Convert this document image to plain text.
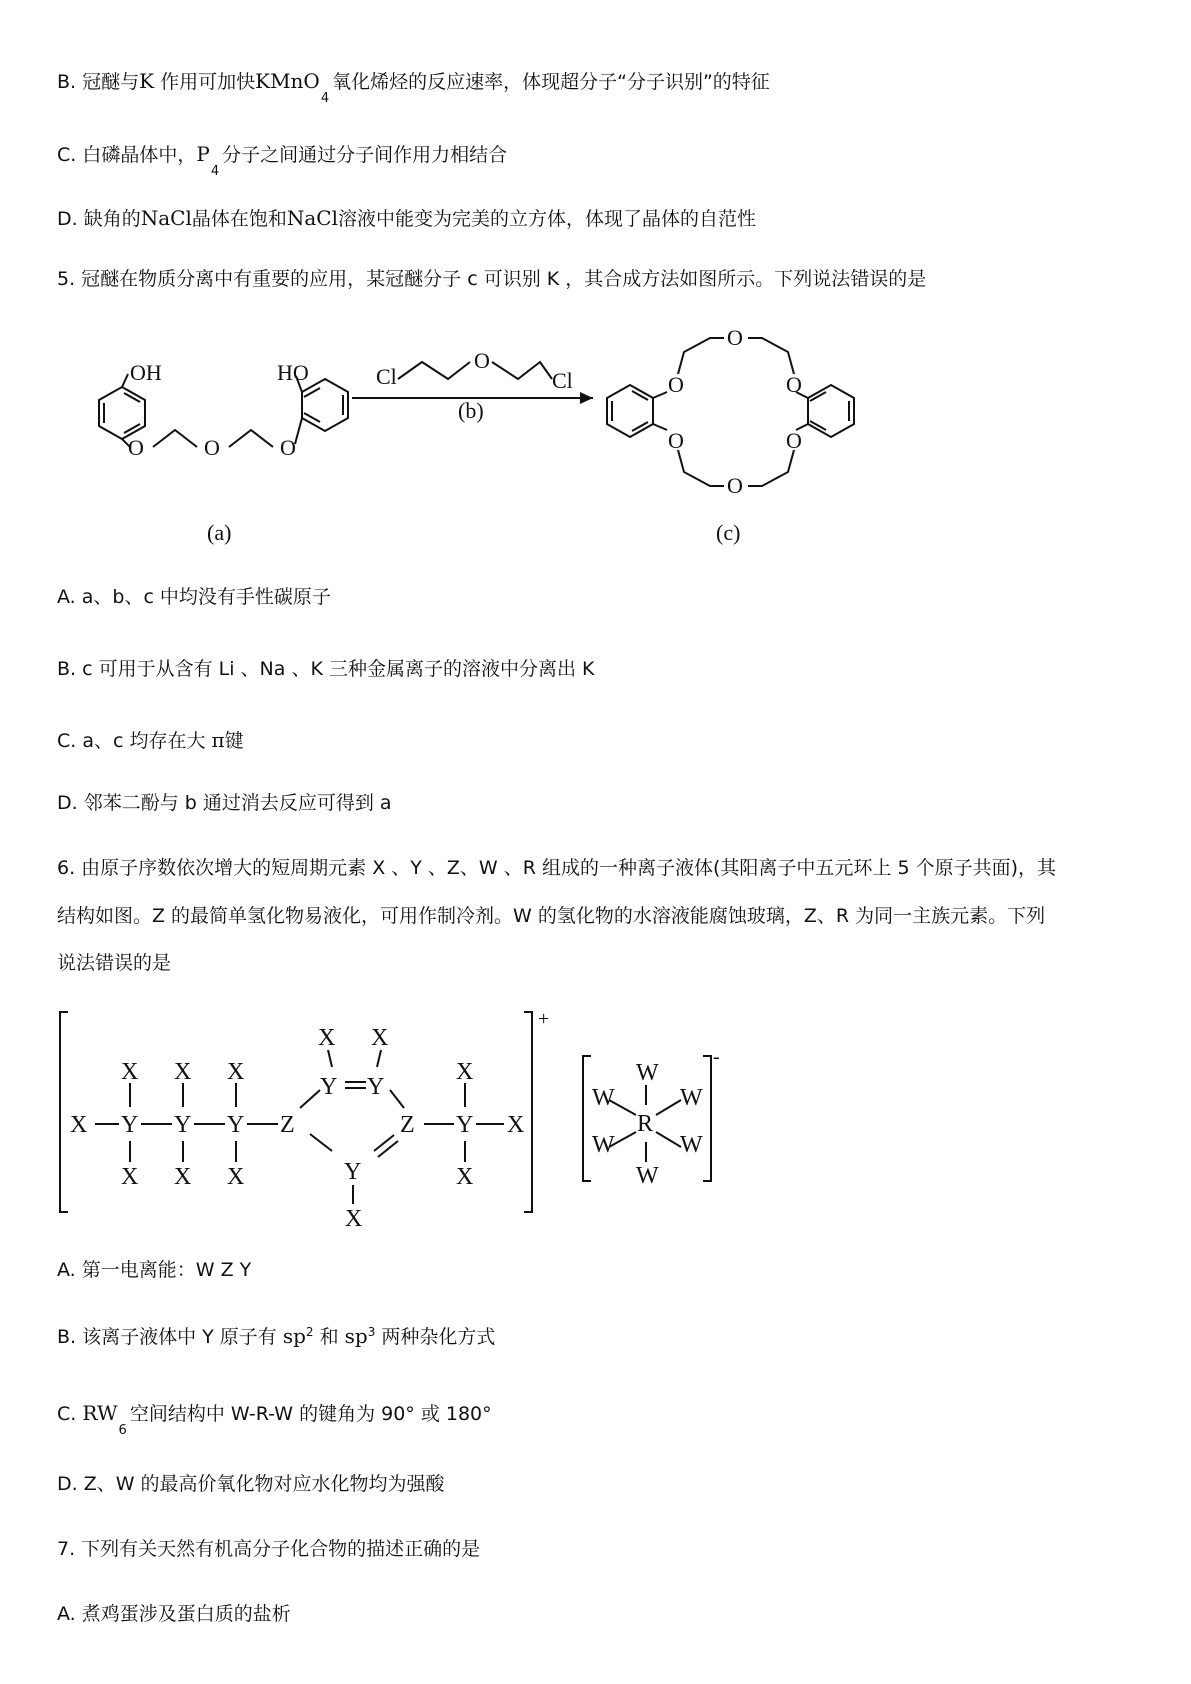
B. 冠醚与K 作用可加快KMnO$_4$氧化烯烃的反应速率，体现超分子“分子识别”的特征
C. 白磷晶体中，$P_4$分子之间通过分子间作用力相结合
D. 缺角的NaCl晶体在饱和NaCl溶液中能变为完美的立方体，体现了晶体的自范性
5. 冠醚在物质分离中有重要的应用，某冠醚分子 c 可识别 K ，其合成方法如图所示。下列说法错误的是
OH
O	O	O
HO	Cl
O
Cl
(b)
O
O
O
O
O
O
(a)	(c)
X Y Y Y
X X X
X X X
Z
Y Y
X X
Z
Y
X
Y
X
X
X
W
W	W
R
W	W
W
+
-
A. a、b、c 中均没有手性碳原子
B. c 可用于从含有 Li 、Na 、K 三种金属离子的溶液中分离出 K
C. a、c 均存在大 π键
D. 邻苯二酚与 b 通过消去反应可得到 a
6. 由原子序数依次增大的短周期元素 X 、Y 、Z、W 、R 组成的一种离子液体(其阳离子中五元环上 5 个原子共面)，其
结构如图。Z 的最简单氢化物易液化，可用作制冷剂。W 的氢化物的水溶液能腐蚀玻璃，Z、R 为同一主族元素。下列
说法错误的是
A. 第一电离能：W Z Y
B. 该离子液体中 Y 原子有 $sp^2$ 和 $sp^3$ 两种杂化方式
C. $RW_6$空间结构中 W-R-W 的键角为 90° 或 180°
D. Z、W 的最高价氧化物对应水化物均为强酸
7. 下列有关天然有机高分子化合物的描述正确的是
A. 煮鸡蛋涉及蛋白质的盐析
